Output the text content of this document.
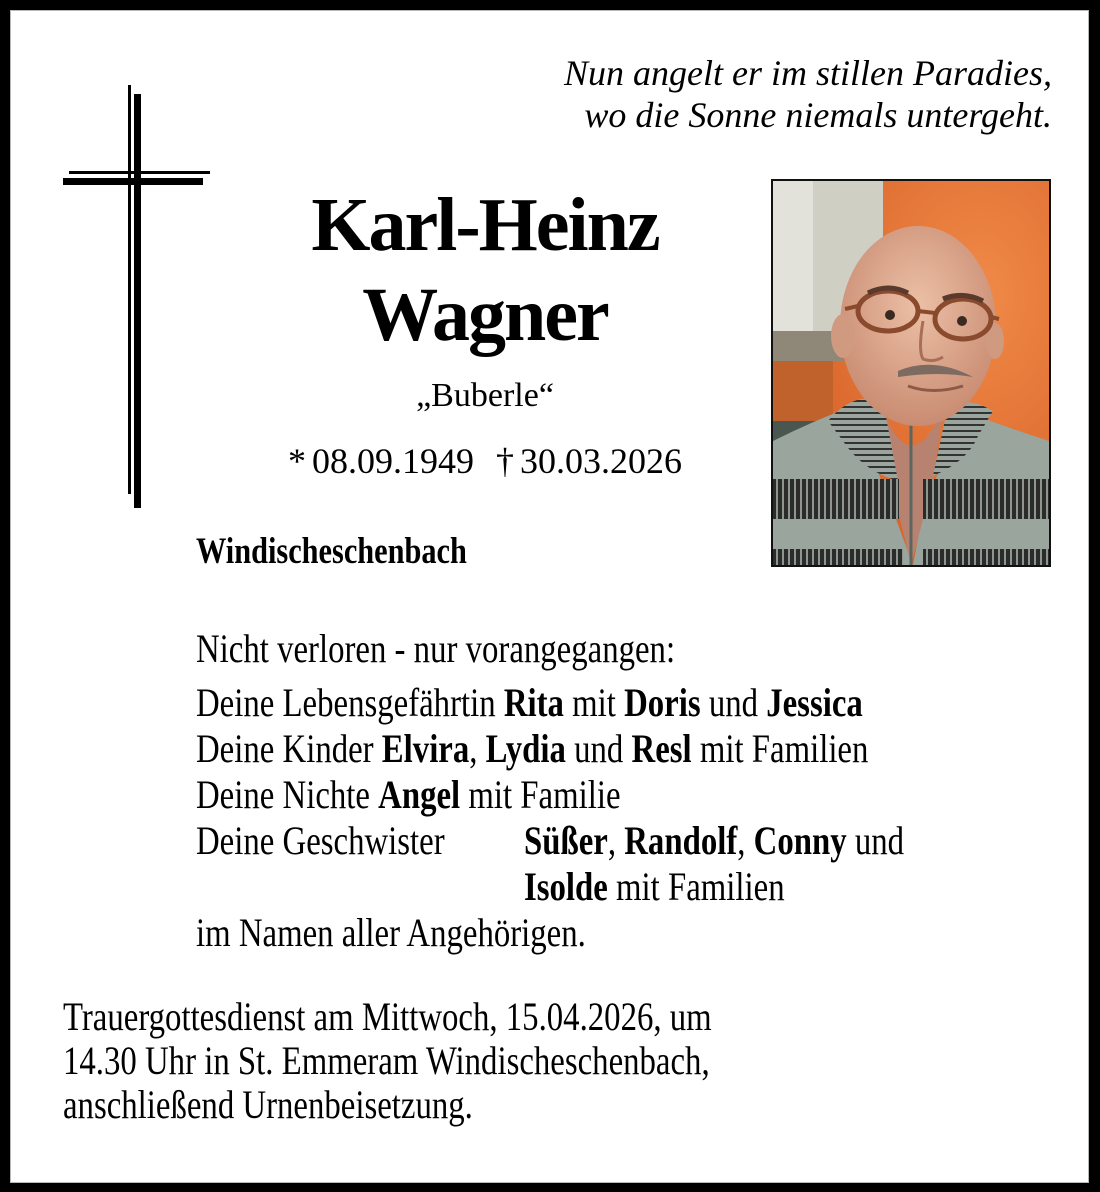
Nun angelt er im stillen Paradies,
wo die Sonne niemals untergeht.
Karl-Heinz
Wagner
„Buberle“
* 08.09.1949 † 30.03.2026
Windischeschenbach
Nicht verloren - nur vorangegangen:
Deine Lebensgefährtin Rita mit Doris und Jessica
Deine Kinder Elvira, Lydia und Resl mit Familien
Deine Nichte Angel mit Familie
Deine Geschwister Süßer, Randolf, Conny und
Isolde mit Familien
im Namen aller Angehörigen.
Trauergottesdienst am Mittwoch, 15.04.2026, um
14.30 Uhr in St. Emmeram Windischeschenbach,
anschließend Urnenbeisetzung.
